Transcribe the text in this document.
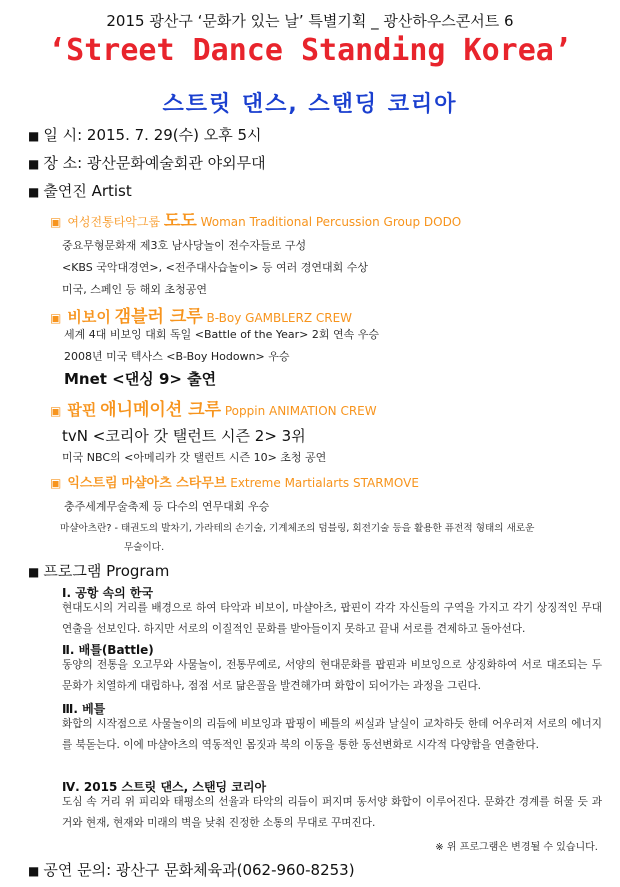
2015 광산구 ‘문화가 있는 날’ 특별기획 _ 광산하우스콘서트 6
‘Street Dance Standing Korea’
스트릿 댄스, 스탠딩 코리아
■ 일 시: 2015. 7. 29(수) 오후 5시
■ 장 소: 광산문화예술회관 야외무대
■ 출연진 Artist
▣ 여성전통타악그룹 도도 Woman Traditional Percussion Group DODO
중요무형문화재 제3호 남사당놀이 전수자들로 구성
<KBS 국악대경연>, <전주대사습놀이> 등 여러 경연대회 수상
미국, 스페인 등 해외 초청공연
▣ 비보이 갬블러 크루 B-Boy GAMBLERZ CREW
세계 4대 비보잉 대회 독일 <Battle of the Year> 2회 연속 우승
2008년 미국 텍사스 <B-Boy Hodown> 우승
Mnet <댄싱 9> 출연
▣ 팝핀 애니메이션 크루 Poppin ANIMATION CREW
tvN <코리아 갓 탤런트 시즌 2> 3위
미국 NBC의 <아메리카 갓 탤런트 시즌 10> 초청 공연
▣ 익스트림 마샬아츠 스타무브 Extreme Martialarts STARMOVE
충주세계무술축제 등 다수의 연무대회 우승
마샬아츠란? - 태권도의 발차기, 가라테의 손기술, 기계체조의 덤블링, 회전기술 등을 활용한 퓨전적 형태의 새로운
무술이다.
■ 프로그램 Program
Ⅰ. 공항 속의 한국
현대도시의 거리를 배경으로 하여 타악과 비보이, 마샬아츠, 팝핀이 각각 자신들의 구역을 가지고 각기 상징적인 무대연출을 선보인다. 하지만 서로의 이질적인 문화를 받아들이지 못하고 끝내 서로를 견제하고 돌아선다.
Ⅱ. 배틀(Battle)
동양의 전통을 오고무와 사물놀이, 전통무예로, 서양의 현대문화를 팝핀과 비보잉으로 상징화하여 서로 대조되는 두 문화가 치열하게 대립하나, 점점 서로 닮은꼴을 발견해가며 화합이 되어가는 과정을 그린다.
Ⅲ. 베틀
화합의 시작점으로 사물놀이의 리듬에 비보잉과 팝핑이 베틀의 씨실과 날실이 교차하듯 한데 어우러져 서로의 에너지를 북돋는다. 이에 마샬아츠의 역동적인 몸짓과 북의 이동을 통한 동선변화로 시각적 다양함을 연출한다.
Ⅳ. 2015 스트릿 댄스, 스탠딩 코리아
도심 속 거리 위 피리와 태평소의 선율과 타악의 리듬이 퍼지며 동서양 화합이 이루어진다. 문화간 경계를 허물 듯 과거와 현재, 현재와 미래의 벽을 낮춰 진정한 소통의 무대로 꾸며진다.
※ 위 프로그램은 변경될 수 있습니다.
■ 공연 문의: 광산구 문화체육과(062-960-8253)
